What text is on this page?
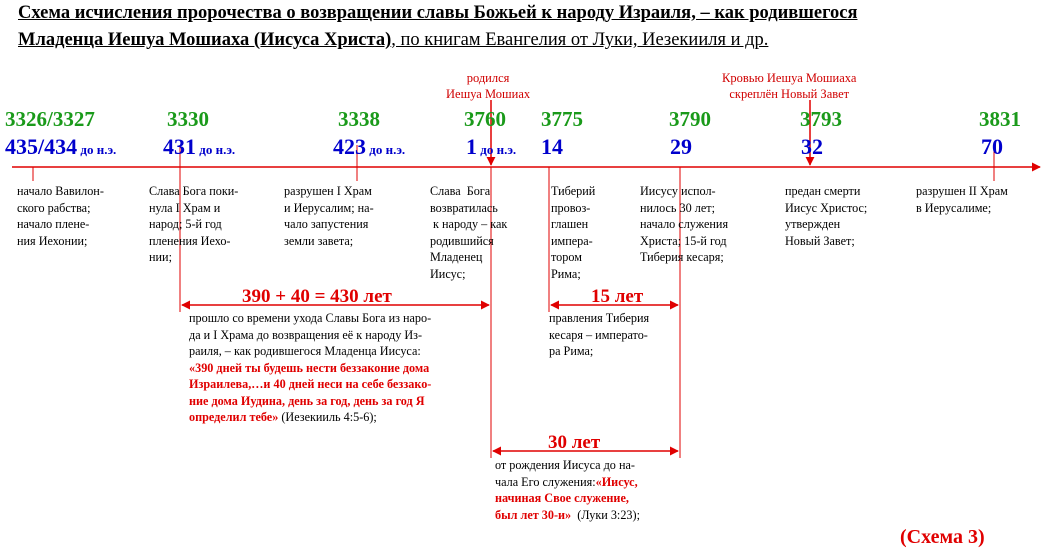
Схема исчисления пророчества о возвращении славы Божьей к народу Израиля, – как родившегося
Младенца Иешуа Мошиаха (Иисуса Христа), по книгам Евангелия от Луки, Иезекииля и др.
родился
Иешуа Мошиах
Кровью Иешуа Мошиаха
скреплён Новый Завет
3326/3327	3330	3338	3760 3775	3790	3793	3831
435/434 до н.э. 431 до н.э.	423 до н.э.	1 до н.э. 14	29	32	70
начало Вавилон-
ского рабства;
начало плене-
ния Иехонии;
Слава Бога поки-
нула I Храм и
народ; 5-й год
пленения Иехо-
нии;
разрушен I Храм
и Иерусалим; на-
чало запустения
земли завета;
Слава  Бога
возвратилась
к народу – как
родившийся
Младенец
Иисус;
Тиберий
провоз-
глашен
импера-
тором
Рима;
Иисусу испол-
нилось 30 лет;
начало служения
Христа; 15-й год
Тиберия кесаря;
предан смерти
Иисус Христос;
утвержден
Новый Завет;
разрушен II Храм
в Иерусалиме;
390 + 40 = 430 лет	15 лет
30 лет
прошло со времени ухода Славы Бога из наро-
да и I Храма до возвращения её к народу Из-
раиля, – как родившегося Младенца Иисуса:
«390 дней ты будешь нести беззаконие дома
Израилева,…и 40 дней неси на себе беззако-
ние дома Иудина, день за год, день за год Я
определил тебе» (Иезекииль 4:5-6);
правления Тиберия
кесаря – императо-
ра Рима;
от рождения Иисуса до на-
чала Его служения:«Иисус,
начиная Свое служение,
был лет 30-и»  (Луки 3:23);
(Схема 3)
